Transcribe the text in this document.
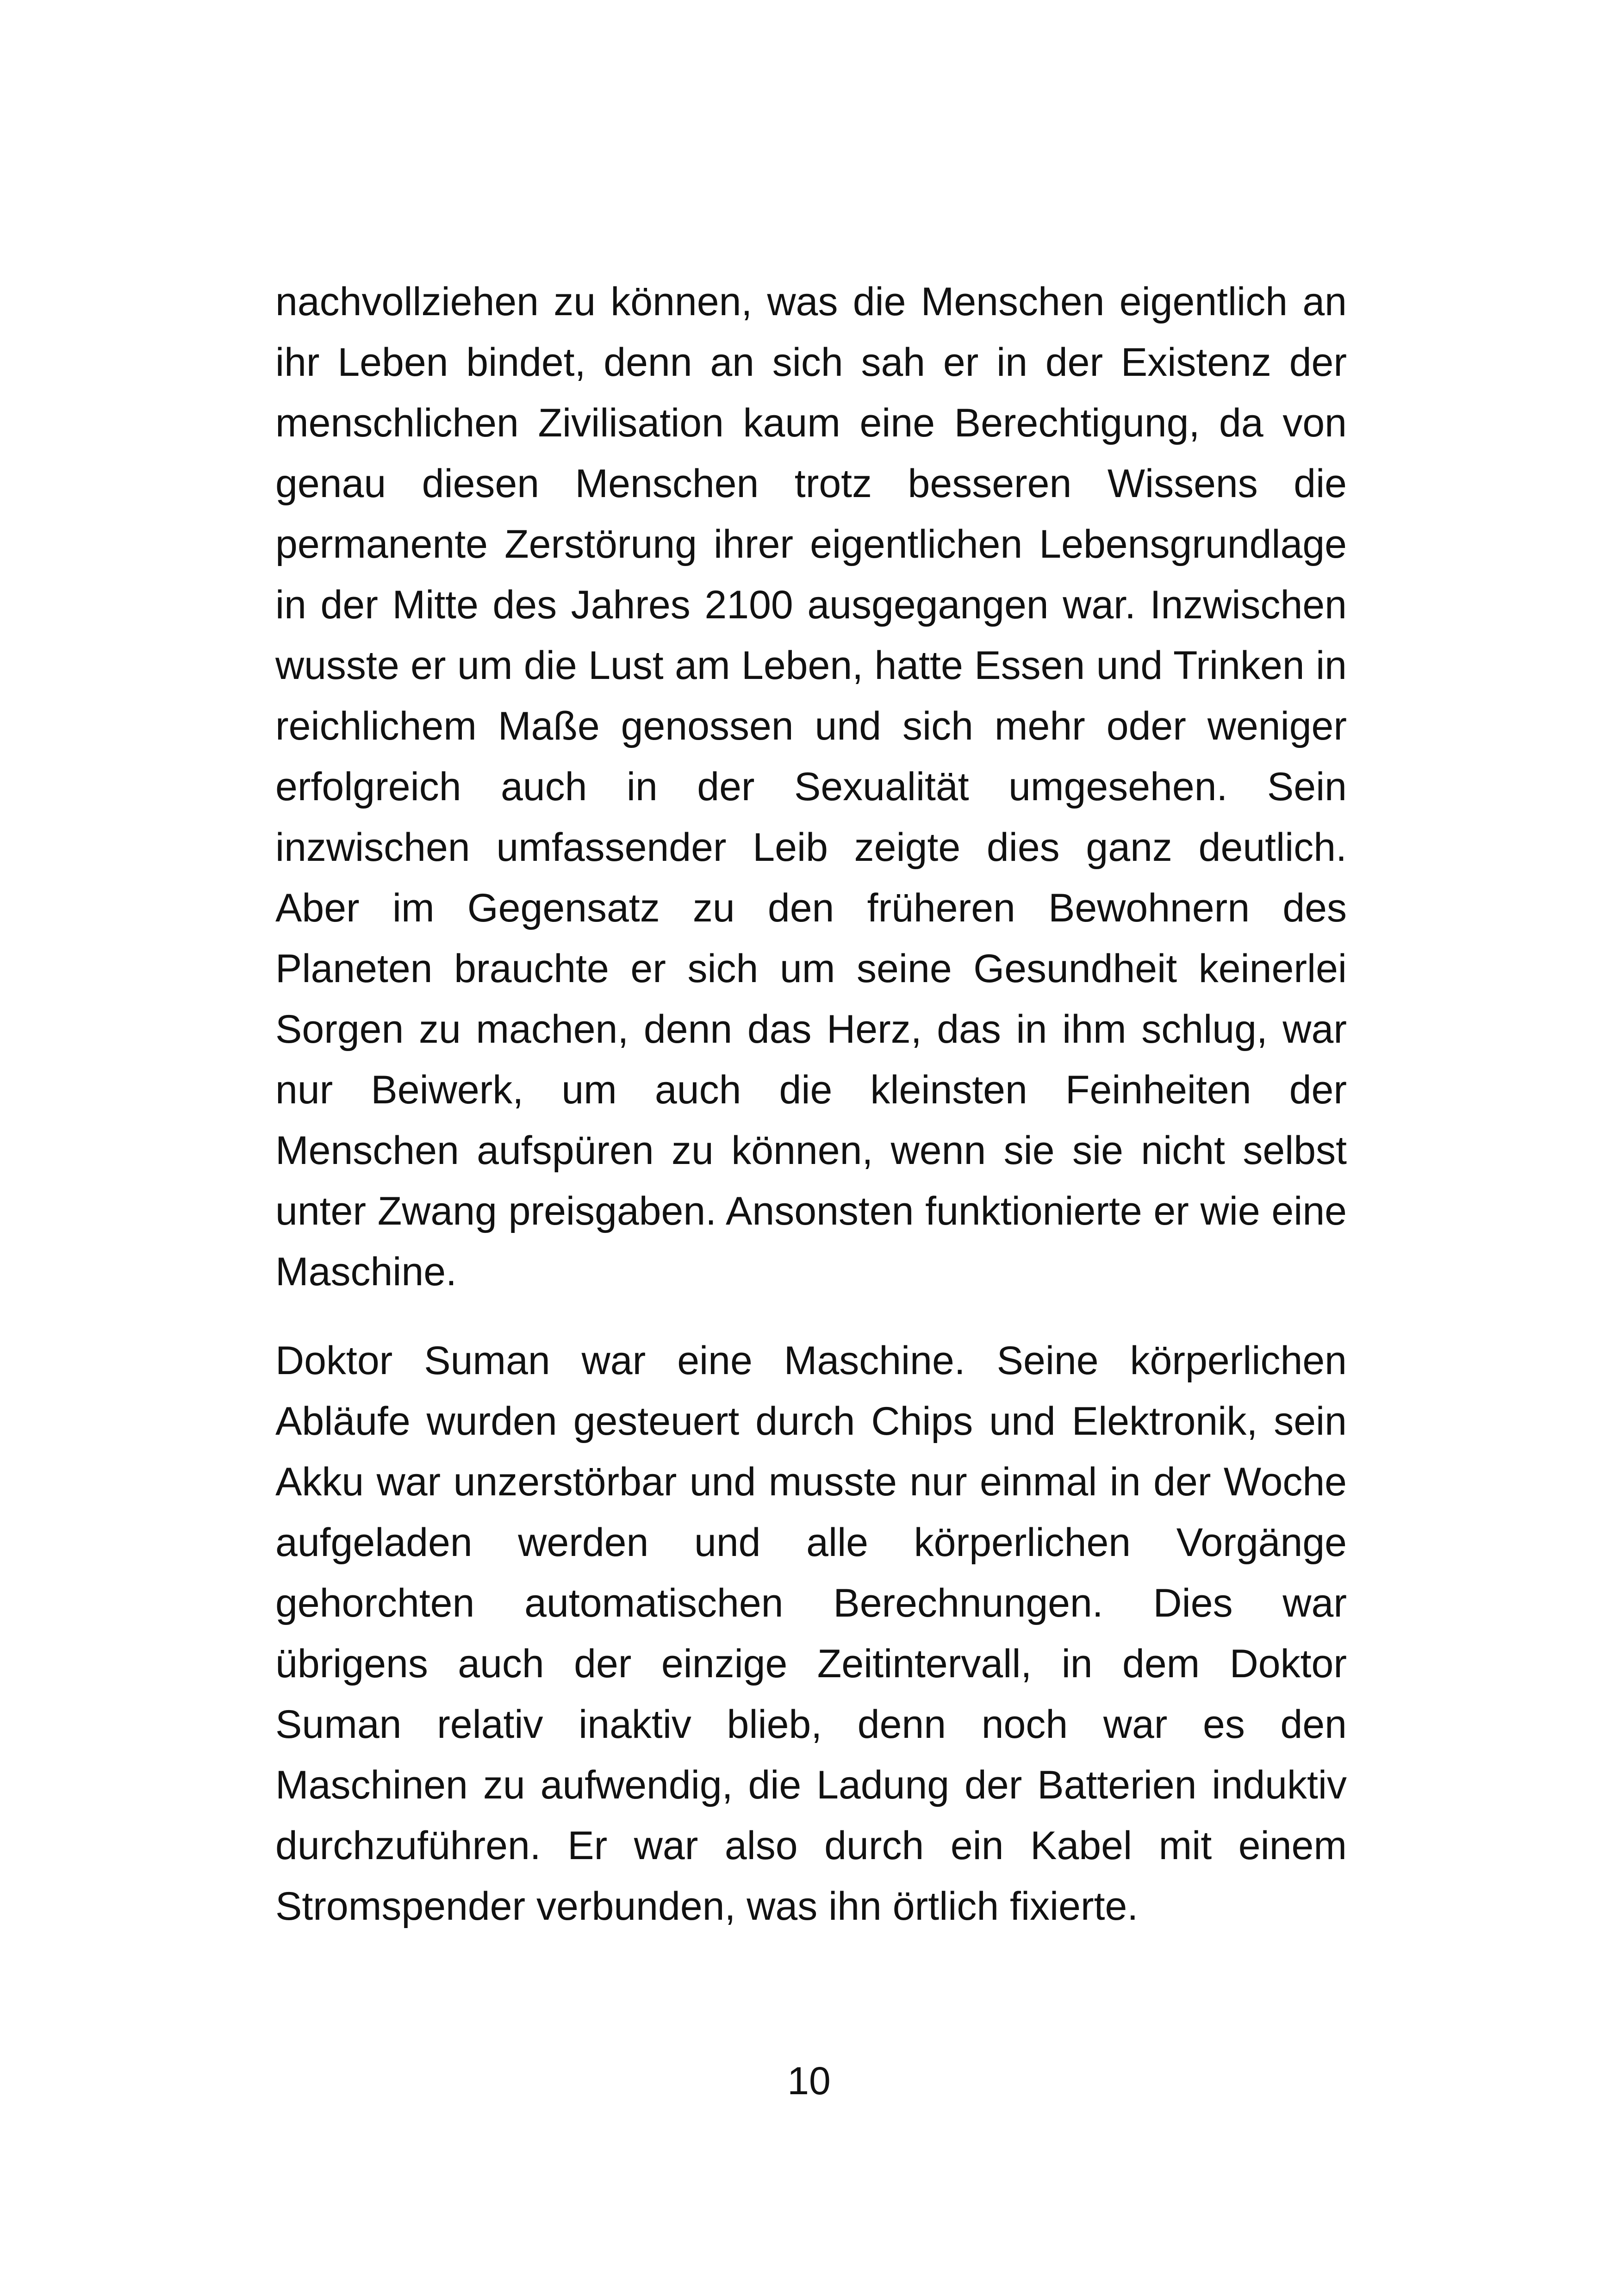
nachvollziehen zu können, was die Menschen eigentlich an ihr Leben bindet, denn an sich sah er in der Existenz der menschlichen Zivilisation kaum eine Berechtigung, da von genau diesen Menschen trotz besseren Wissens die permanente Zerstörung ihrer eigentlichen Lebensgrundlage in der Mitte des Jahres 2100 ausgegangen war. Inzwischen wusste er um die Lust am Leben, hatte Essen und Trinken in reichlichem Maße genossen und sich mehr oder weniger erfolgreich auch in der Sexualität umgesehen. Sein inzwischen umfassender Leib zeigte dies ganz deutlich. Aber im Gegensatz zu den früheren Bewohnern des Planeten brauchte er sich um seine Gesundheit keinerlei Sorgen zu machen, denn das Herz, das in ihm schlug, war nur Beiwerk, um auch die kleinsten Feinheiten der Menschen aufspüren zu können, wenn sie sie nicht selbst unter Zwang preisgaben. Ansonsten funktionierte er wie eine Maschine.

Doktor Suman war eine Maschine. Seine körperlichen Abläufe wurden gesteuert durch Chips und Elektronik, sein Akku war unzerstörbar und musste nur einmal in der Woche aufgeladen werden und alle körperlichen Vorgänge gehorchten automatischen Berechnungen. Dies war übrigens auch der einzige Zeitintervall, in dem Doktor Suman relativ inaktiv blieb, denn noch war es den Maschinen zu aufwendig, die Ladung der Batterien induktiv durchzuführen. Er war also durch ein Kabel mit einem Stromspender verbunden, was ihn örtlich fixierte.

10
